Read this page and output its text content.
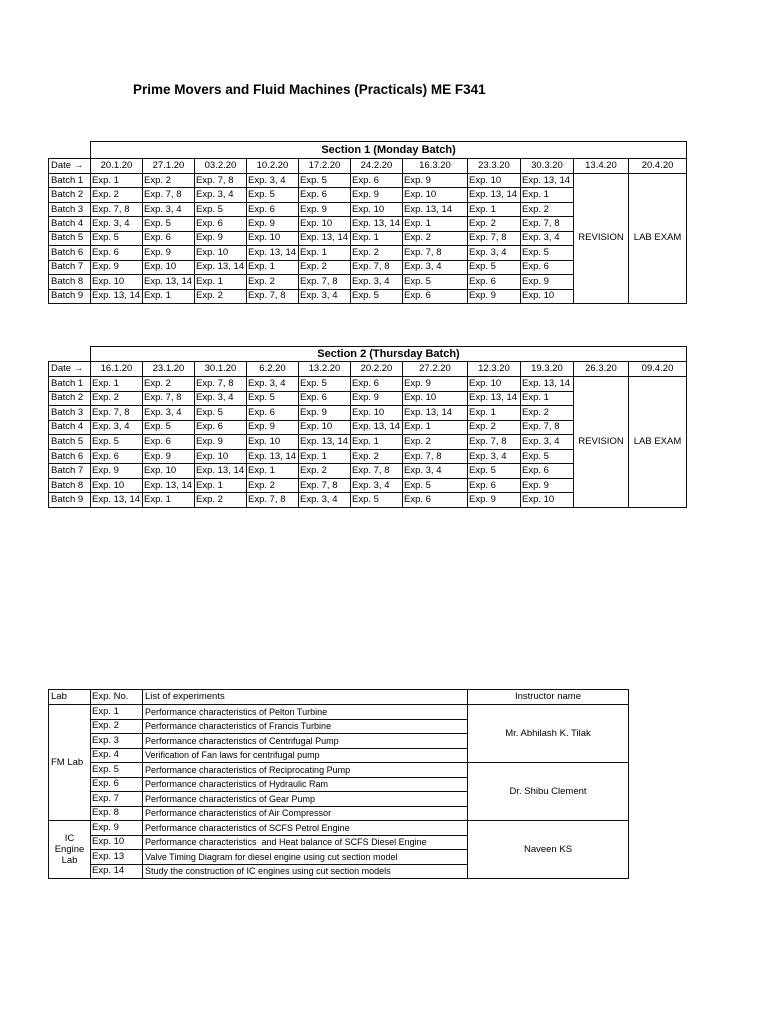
Prime Movers and Fluid Machines (Practicals) ME F341
	Section 1 (Monday Batch)										
Date →	20.1.20	27.1.20	03.2.20	10.2.20	17.2.20	24.2.20	16.3.20	23.3.20	30.3.20	13.4.20	20.4.20
Batch 1	Exp. 1	Exp. 2	Exp. 7, 8	Exp. 3, 4	Exp. 5	Exp. 6	Exp. 9	Exp. 10	Exp. 13, 14	REVISION	LAB EXAM
Batch 2	Exp. 2	Exp. 7, 8	Exp. 3, 4	Exp. 5	Exp. 6	Exp. 9	Exp. 10	Exp. 13, 14	Exp. 1		
Batch 3	Exp. 7, 8	Exp. 3, 4	Exp. 5	Exp. 6	Exp. 9	Exp. 10	Exp. 13, 14	Exp. 1	Exp. 2		
Batch 4	Exp. 3, 4	Exp. 5	Exp. 6	Exp. 9	Exp. 10	Exp. 13, 14	Exp. 1	Exp. 2	Exp. 7, 8		
Batch 5	Exp. 5	Exp. 6	Exp. 9	Exp. 10	Exp. 13, 14	Exp. 1	Exp. 2	Exp. 7, 8	Exp. 3, 4		
Batch 6	Exp. 6	Exp. 9	Exp. 10	Exp. 13, 14	Exp. 1	Exp. 2	Exp. 7, 8	Exp. 3, 4	Exp. 5		
Batch 7	Exp. 9	Exp. 10	Exp. 13, 14	Exp. 1	Exp. 2	Exp. 7, 8	Exp. 3, 4	Exp. 5	Exp. 6		
Batch 8	Exp. 10	Exp. 13, 14	Exp. 1	Exp. 2	Exp. 7, 8	Exp. 3, 4	Exp. 5	Exp. 6	Exp. 9		
Batch 9	Exp. 13, 14	Exp. 1	Exp. 2	Exp. 7, 8	Exp. 3, 4	Exp. 5	Exp. 6	Exp. 9	Exp. 10		
	Section 2 (Thursday Batch)										
Date →	16.1.20	23.1.20	30.1.20	6.2.20	13.2.20	20.2.20	27.2.20	12.3.20	19.3.20	26.3.20	09.4.20
Batch 1	Exp. 1	Exp. 2	Exp. 7, 8	Exp. 3, 4	Exp. 5	Exp. 6	Exp. 9	Exp. 10	Exp. 13, 14	REVISION	LAB EXAM
Batch 2	Exp. 2	Exp. 7, 8	Exp. 3, 4	Exp. 5	Exp. 6	Exp. 9	Exp. 10	Exp. 13, 14	Exp. 1		
Batch 3	Exp. 7, 8	Exp. 3, 4	Exp. 5	Exp. 6	Exp. 9	Exp. 10	Exp. 13, 14	Exp. 1	Exp. 2		
Batch 4	Exp. 3, 4	Exp. 5	Exp. 6	Exp. 9	Exp. 10	Exp. 13, 14	Exp. 1	Exp. 2	Exp. 7, 8		
Batch 5	Exp. 5	Exp. 6	Exp. 9	Exp. 10	Exp. 13, 14	Exp. 1	Exp. 2	Exp. 7, 8	Exp. 3, 4		
Batch 6	Exp. 6	Exp. 9	Exp. 10	Exp. 13, 14	Exp. 1	Exp. 2	Exp. 7, 8	Exp. 3, 4	Exp. 5		
Batch 7	Exp. 9	Exp. 10	Exp. 13, 14	Exp. 1	Exp. 2	Exp. 7, 8	Exp. 3, 4	Exp. 5	Exp. 6		
Batch 8	Exp. 10	Exp. 13, 14	Exp. 1	Exp. 2	Exp. 7, 8	Exp. 3, 4	Exp. 5	Exp. 6	Exp. 9		
Batch 9	Exp. 13, 14	Exp. 1	Exp. 2	Exp. 7, 8	Exp. 3, 4	Exp. 5	Exp. 6	Exp. 9	Exp. 10		
Lab	Exp. No.	List of experiments	Instructor name
FM Lab	Exp. 1	Performance characteristics of Pelton Turbine	Mr. Abhilash K. Tilak
	Exp. 2	Performance characteristics of Francis Turbine	
	Exp. 3	Performance characteristics of Centrifugal Pump	
	Exp. 4	Verification of Fan laws for centrifugal pump	
	Exp. 5	Performance characteristics of Reciprocating Pump	Dr. Shibu Clement
	Exp. 6	Performance characteristics of Hydraulic Ram	
	Exp. 7	Performance characteristics of Gear Pump	
	Exp. 8	Performance characteristics of Air Compressor	
IC Engine Lab	Exp. 9	Performance characteristics of SCFS Petrol Engine	Naveen KS
	Exp. 10	Performance characteristics  and Heat balance of SCFS Diesel Engine	
	Exp. 13	Valve Timing Diagram for diesel engine using cut section model	
	Exp. 14	Study the construction of IC engines using cut section models	
